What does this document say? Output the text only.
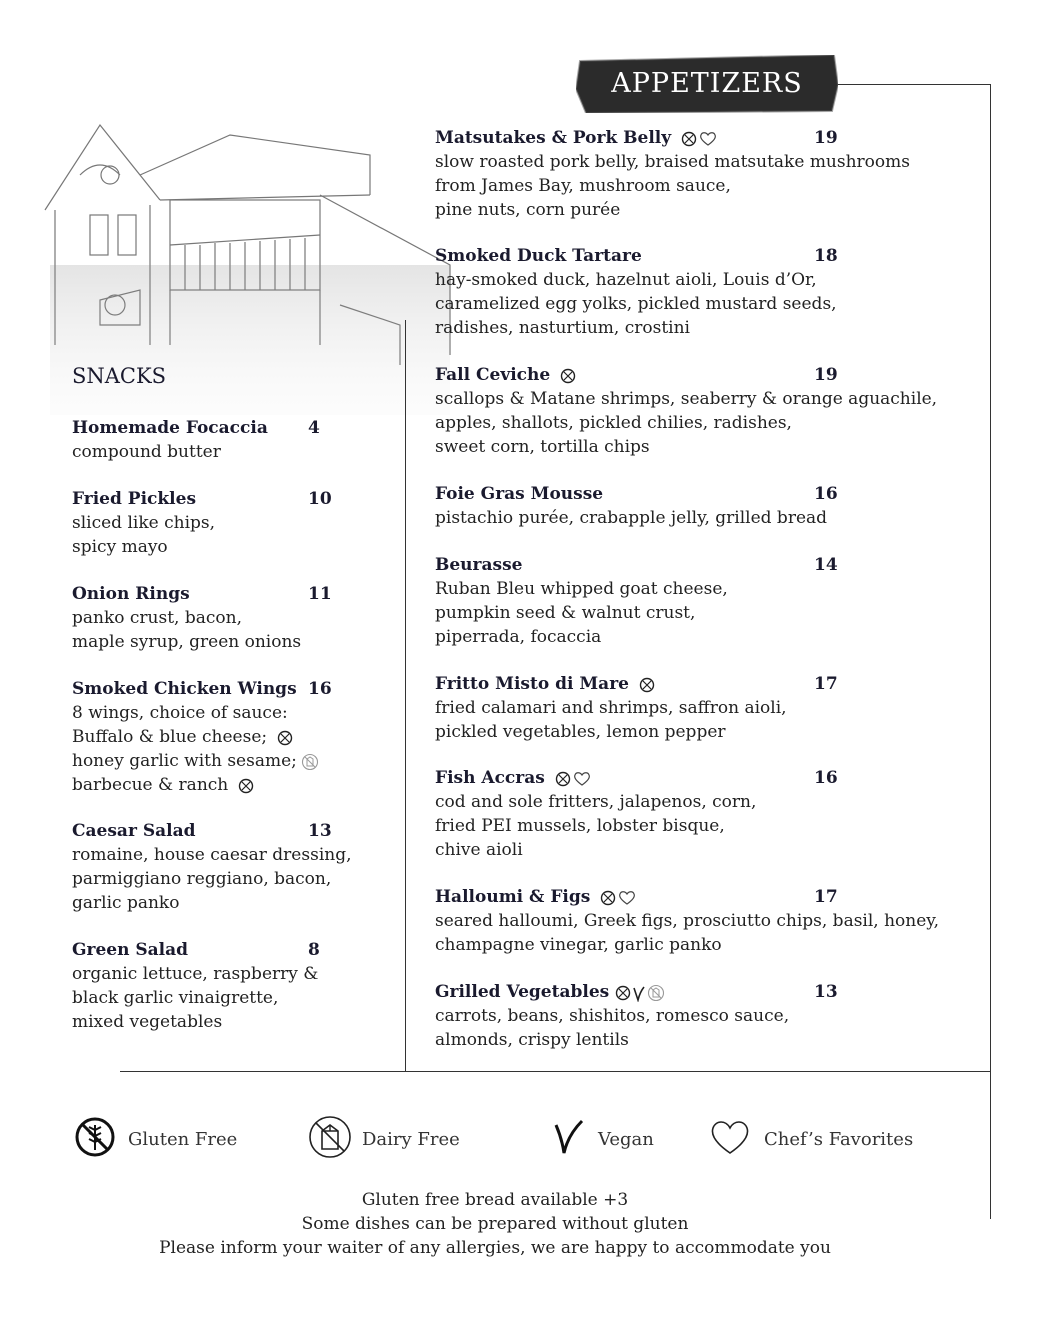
APPETIZERS
SNACKS
Homemade Focaccia 4
compound butter
Fried Pickles	10
sliced like chips,
spicy mayo
Onion Rings	11
panko crust, bacon,
maple syrup, green onions
Smoked Chicken Wings 16
8 wings, choice of sauce:
Buffalo & blue cheese;
honey garlic with sesame;
barbecue & ranch
Caesar Salad	13
romaine, house caesar dressing,
parmiggiano reggiano, bacon,
garlic panko
Green Salad	8
organic lettuce, raspberry &
black garlic vinaigrette,
mixed vegetables
Matsutakes & Pork Belly	19
slow roasted pork belly, braised matsutake mushrooms
from James Bay, mushroom sauce,
pine nuts, corn purée
Smoked Duck Tartare	18
hay-smoked duck, hazelnut aioli, Louis d’Or,
caramelized egg yolks, pickled mustard seeds,
radishes, nasturtium, crostini
Fall Ceviche	19
scallops & Matane shrimps, seaberry & orange aguachile,
apples, shallots, pickled chilies, radishes,
sweet corn, tortilla chips
Foie Gras Mousse	16
pistachio purée, crabapple jelly, grilled bread
Beurasse	14
Ruban Bleu whipped goat cheese,
pumpkin seed & walnut crust,
piperrada, focaccia
Fritto Misto di Mare	17
fried calamari and shrimps, saffron aioli,
pickled vegetables, lemon pepper
Fish Accras	16
cod and sole fritters, jalapenos, corn,
fried PEI mussels, lobster bisque,
chive aioli
Halloumi & Figs	17
seared halloumi, Greek figs, prosciutto chips, basil, honey,
champagne vinegar, garlic panko
Grilled Vegetables	13
carrots, beans, shishitos, romesco sauce,
almonds, crispy lentils
Gluten Free	Dairy Free	Vegan	Chef’s Favorites
Gluten free bread available +3
Some dishes can be prepared without gluten
Please inform your waiter of any allergies, we are happy to accommodate you
